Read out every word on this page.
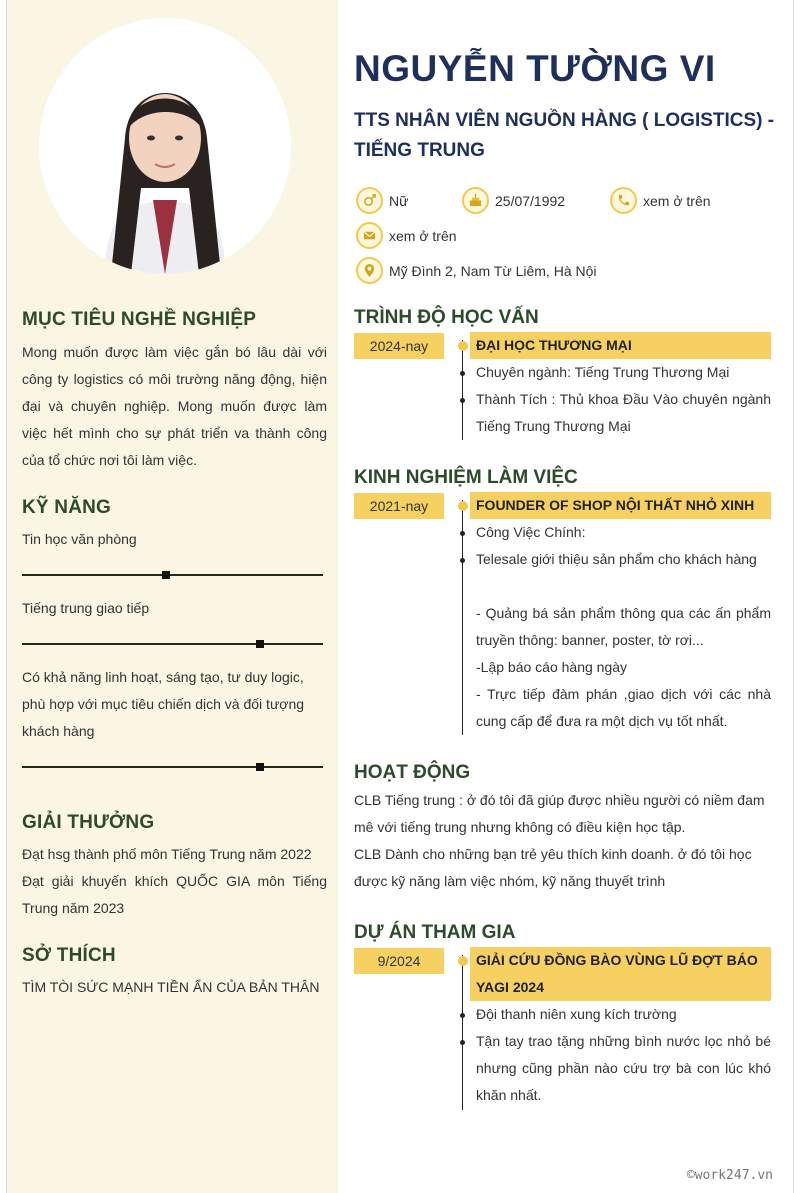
MỤC TIÊU NGHỀ NGHIỆP
Mong muốn được làm việc gắn bó lâu dài với công ty logistics có môi trường năng động, hiện đại và chuyên nghiệp. Mong muốn được làm việc hết mình cho sự phát triển va thành công của tổ chức nơi tôi làm việc.
KỸ NĂNG
Tin học văn phòng
Tiếng trung giao tiếp
Có khả năng linh hoạt, sáng tạo, tư duy logic, phù hợp với mục tiêu chiến dịch và đối tượng khách hàng
GIẢI THƯỞNG
Đạt hsg thành phố môn Tiếng Trung năm 2022
Đạt giải khuyến khích QUỐC GIA môn Tiếng Trung năm 2023
SỞ THÍCH
TÌM TÒI SỨC MẠNH TIỀN ẨN CỦA BẢN THÂN
NGUYỄN TƯỜNG VI
TTS NHÂN VIÊN NGUỒN HÀNG ( LOGISTICS) - TIẾNG TRUNG
Nữ	25/07/1992	xem ở trên
xem ở trên
Mỹ Đình 2, Nam Từ Liêm, Hà Nội
TRÌNH ĐỘ HỌC VẤN
2024-nay	ĐẠI HỌC THƯƠNG MẠI
Chuyên ngành: Tiếng Trung Thương Mại
Thành Tích : Thủ khoa Đầu Vào chuyên ngành Tiếng Trung Thương Mại
KINH NGHIỆM LÀM VIỆC
2021-nay	FOUNDER OF SHOP NỘI THẤT NHỎ XINH
Công Việc Chính:
Telesale giới thiệu sản phẩm cho khách hàng
- Quảng bá sản phẩm thông qua các ấn phẩm truyền thông: banner, poster, tờ rơi...
-Lập báo cáo hàng ngày
- Trực tiếp đàm phán ,giao dịch với các nhà cung cấp để đưa ra một dịch vụ tốt nhất.
HOẠT ĐỘNG
CLB Tiếng trung : ở đó tôi đã giúp được nhiều người có niềm đam mê với tiếng trung nhưng không có điều kiện học tập.
CLB Dành cho những bạn trẻ yêu thích kinh doanh. ở đó tôi học được kỹ năng làm việc nhóm, kỹ năng thuyết trình
DỰ ÁN THAM GIA
9/2024	GIẢI CỨU ĐỒNG BÀO VÙNG LŨ ĐỢT BÁO YAGI 2024
Đội thanh niên xung kích trường
Tận tay trao tặng những bình nước lọc nhỏ bé nhưng cũng phần nào cứu trợ bà con lúc khó khăn nhất.
©work247.vn
